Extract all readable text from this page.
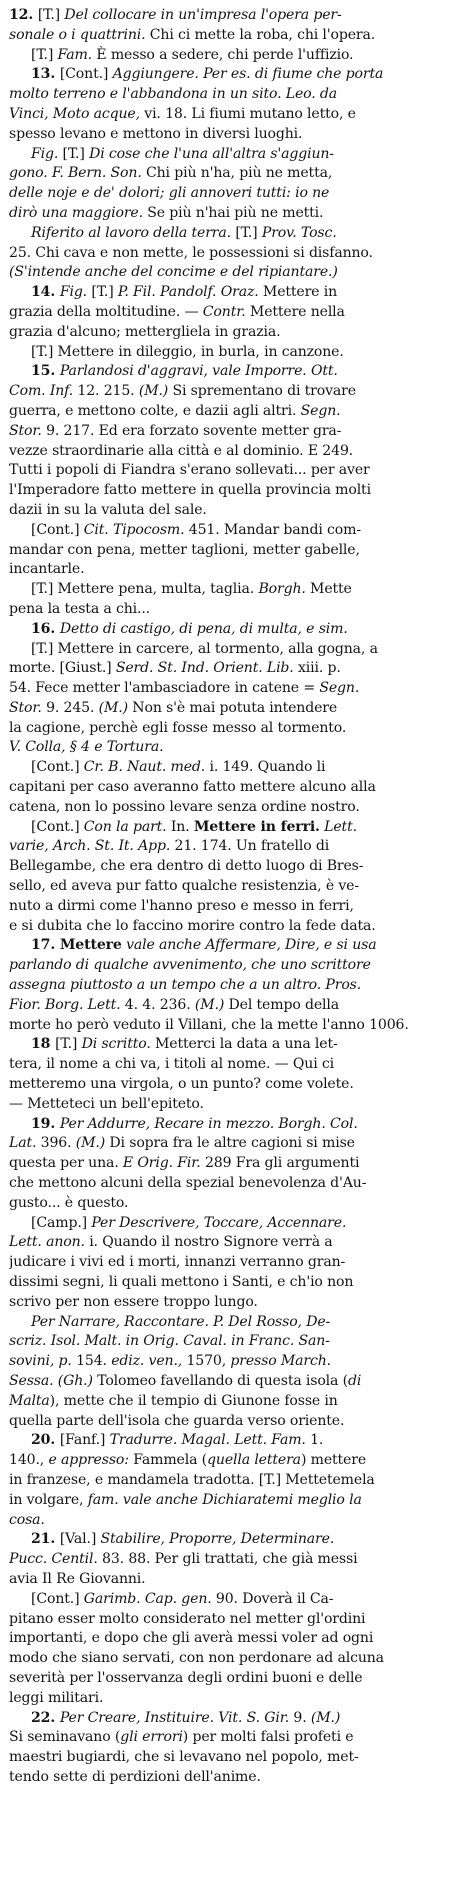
12. [T.] Del collocare in un'impresa l'opera per-
sonale o i quattrini. Chi ci mette la roba, chi l'opera.
[T.] Fam. È messo a sedere, chi perde l'uffizio.
13. [Cont.] Aggiungere. Per es. di fiume che porta
molto terreno e l'abbandona in un sito. Leo. da
Vinci, Moto acque, vi. 18. Li fiumi mutano letto, e
spesso levano e mettono in diversi luoghi.
Fig. [T.] Di cose che l'una all'altra s'aggiun-
gono. F. Bern. Son. Chi più n'ha, più ne metta,
delle noje e de' dolori; gli annoveri tutti: io ne
dirò una maggiore. Se più n'hai più ne metti.
Riferito al lavoro della terra. [T.] Prov. Tosc.
25. Chi cava e non mette, le possessioni si disfanno.
(S'intende anche del concime e del ripiantare.)
14. Fig. [T.] P. Fil. Pandolf. Oraz. Mettere in
grazia della moltitudine. — Contr. Mettere nella
grazia d'alcuno; mettergliela in grazia.
[T.] Mettere in dileggio, in burla, in canzone.
15. Parlandosi d'aggravi, vale Imporre. Ott.
Com. Inf. 12. 215. (M.) Si sprementano di trovare
guerra, e mettono colte, e dazii agli altri. Segn.
Stor. 9. 217. Ed era forzato sovente metter gra-
vezze straordinarie alla città e al dominio. E 249.
Tutti i popoli di Fiandra s'erano sollevati... per aver
l'Imperadore fatto mettere in quella provincia molti
dazii in su la valuta del sale.
[Cont.] Cit. Tipocosm. 451. Mandar bandi com-
mandar con pena, metter taglioni, metter gabelle,
incantarle.
[T.] Mettere pena, multa, taglia. Borgh. Mette
pena la testa a chi...
16. Detto di castigo, di pena, di multa, e sim.
[T.] Mettere in carcere, al tormento, alla gogna, a
morte. [Giust.] Serd. St. Ind. Orient. Lib. xiii. p.
54. Fece metter l'ambasciadore in catene = Segn.
Stor. 9. 245. (M.) Non s'è mai potuta intendere
la cagione, perchè egli fosse messo al tormento.
V. Colla, § 4 e Tortura.
[Cont.] Cr. B. Naut. med. i. 149. Quando li
capitani per caso averanno fatto mettere alcuno alla
catena, non lo possino levare senza ordine nostro.
[Cont.] Con la part. In. Mettere in ferri. Lett.
varie, Arch. St. It. App. 21. 174. Un fratello di
Bellegambe, che era dentro di detto luogo di Bres-
sello, ed aveva pur fatto qualche resistenzia, è ve-
nuto a dirmi come l'hanno preso e messo in ferri,
e si dubita che lo faccino morire contro la fede data.
17. Mettere vale anche Affermare, Dire, e si usa
parlando di qualche avvenimento, che uno scrittore
assegna piuttosto a un tempo che a un altro. Pros.
Fior. Borg. Lett. 4. 4. 236. (M.) Del tempo della
morte ho però veduto il Villani, che la mette l'anno 1006.
18 [T.] Di scritto. Metterci la data a una let-
tera, il nome a chi va, i titoli al nome. — Qui ci
metteremo una virgola, o un punto? come volete.
— Metteteci un bell'epiteto.
19. Per Addurre, Recare in mezzo. Borgh. Col.
Lat. 396. (M.) Di sopra fra le altre cagioni si mise
questa per una. E Orig. Fir. 289 Fra gli argumenti
che mettono alcuni della spezial benevolenza d'Au-
gusto... è questo.
[Camp.] Per Descrivere, Toccare, Accennare.
Lett. anon. i. Quando il nostro Signore verrà a
judicare i vivi ed i morti, innanzi verranno gran-
dissimi segni, li quali mettono i Santi, e ch'io non
scrivo per non essere troppo lungo.
Per Narrare, Raccontare. P. Del Rosso, De-
scriz. Isol. Malt. in Orig. Caval. in Franc. San-
sovini, p. 154. ediz. ven., 1570, presso March.
Sessa. (Gh.) Tolomeo favellando di questa isola (di
Malta), mette che il tempio di Giunone fosse in
quella parte dell'isola che guarda verso oriente.
20. [Fanf.] Tradurre. Magal. Lett. Fam. 1.
140., e appresso: Fammela (quella lettera) mettere
in franzese, e mandamela tradotta. [T.] Mettetemela
in volgare, fam. vale anche Dichiaratemi meglio la
cosa.
21. [Val.] Stabilire, Proporre, Determinare.
Pucc. Centil. 83. 88. Per gli trattati, che già messi
avia Il Re Giovanni.
[Cont.] Garimb. Cap. gen. 90. Doverà il Ca-
pitano esser molto considerato nel metter gl'ordini
importanti, e dopo che gli averà messi voler ad ogni
modo che siano servati, con non perdonare ad alcuna
severità per l'osservanza degli ordini buoni e delle
leggi militari.
22. Per Creare, Instituire. Vit. S. Gir. 9. (M.)
Si seminavano (gli errori) per molti falsi profeti e
maestri bugiardi, che si levavano nel popolo, met-
tendo sette di perdizioni dell'anime.
